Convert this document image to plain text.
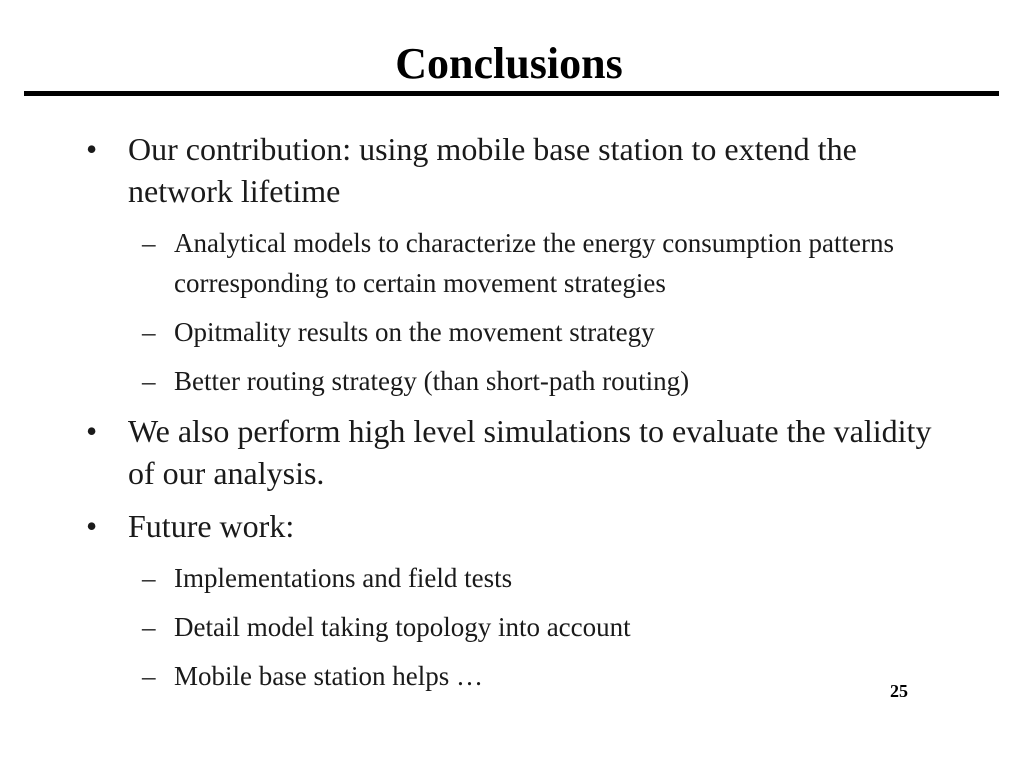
Conclusions
• Our contribution: using mobile base station to extend the network lifetime
– Analytical models to characterize the energy consumption patterns corresponding to certain movement strategies
– Opitmality results on the movement strategy
– Better routing strategy (than short-path routing)
• We also perform high level simulations to evaluate the validity of our analysis.
• Future work:
– Implementations and field tests
– Detail model taking topology into account
– Mobile base station helps …	25
